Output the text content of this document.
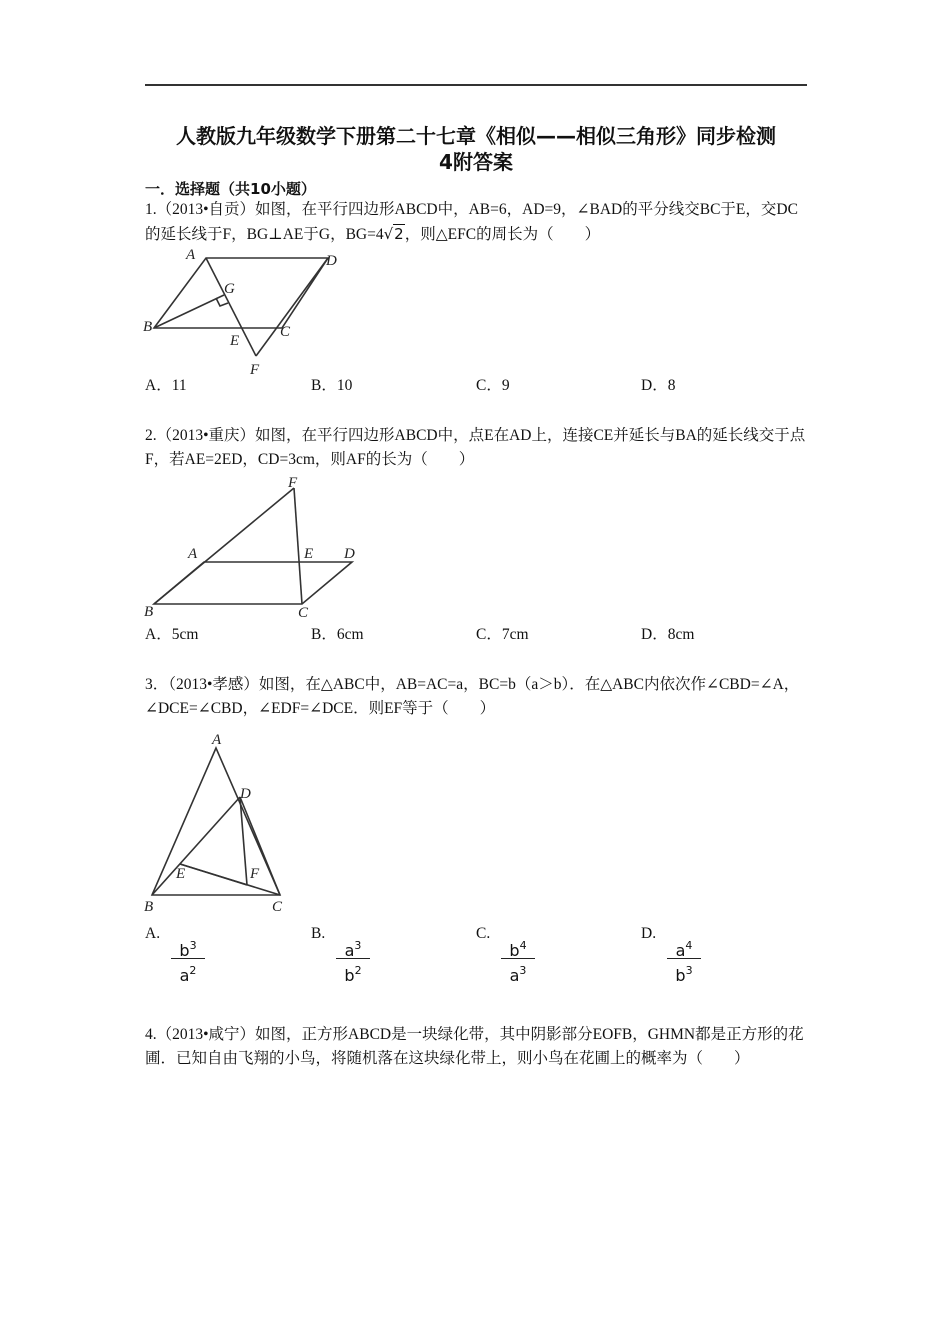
人教版九年级数学下册第二十七章《相似——相似三角形》同步检测
4附答案
一．选择题（共10小题）
1.（2013•自贡）如图，在平行四边形ABCD中，AB=6，AD=9，∠BAD的平分线交BC于E，交DC的延长线于F，BG⊥AE于G，BG=4√2，则△EFC的周长为（　　）
A	D
G
B
E
C
F
A．11	B．10	C．9	D．8
2.（2013•重庆）如图，在平行四边形ABCD中，点E在AD上，连接CE并延长与BA的延长线交于点F，若AE=2ED，CD=3cm，则AF的长为（　　）
F
A	E D
B	C
A．5cm	B．6cm	C．7cm	D．8cm
3．（2013•孝感）如图，在△ABC中，AB=AC=a，BC=b（a＞b）．在△ABC内依次作∠CBD=∠A，∠DCE=∠CBD，∠EDF=∠DCE．则EF等于（　　）
A
D
E	F
B	C
A.
$b^3$
$a^2$
B.
$a^3$
$b^2$
C.
$b^4$
$a^3$
D.
$a^4$
$b^3$
4.（2013•咸宁）如图，正方形ABCD是一块绿化带，其中阴影部分EOFB，GHMN都是正方形的花圃．已知自由飞翔的小鸟，将随机落在这块绿化带上，则小鸟在花圃上的概率为（　　）
